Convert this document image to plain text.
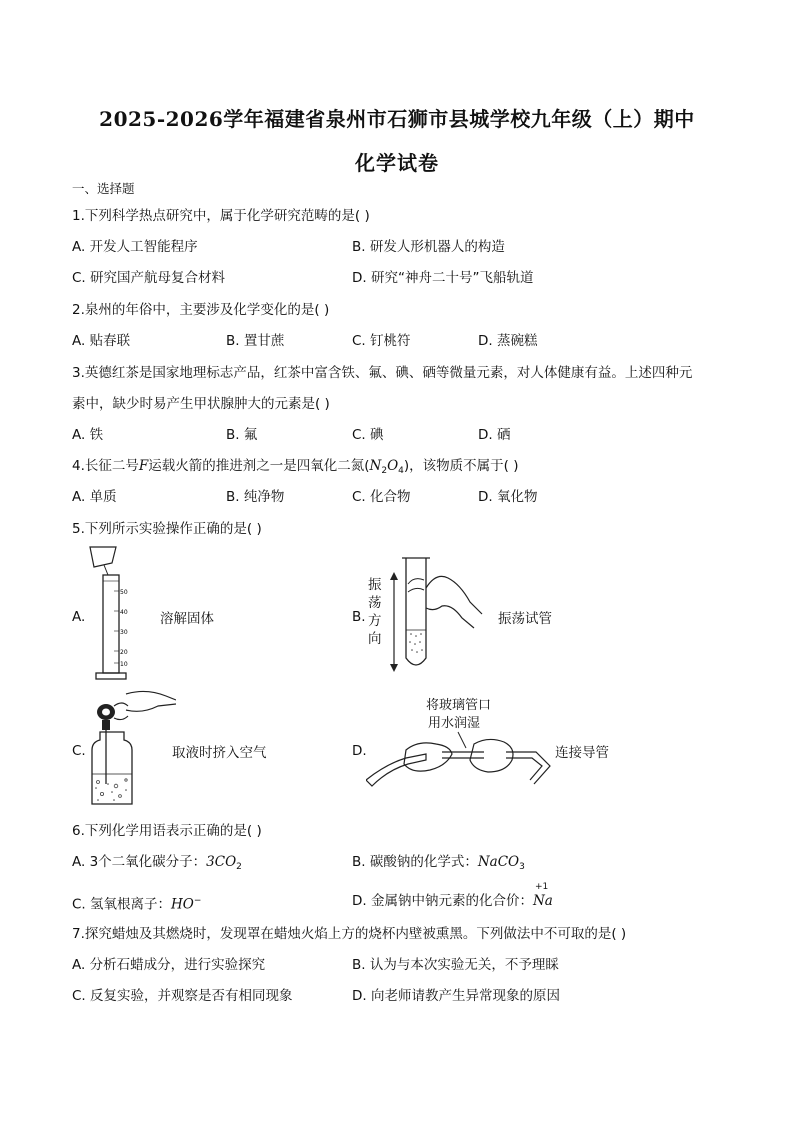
2025-2026学年福建省泉州市石狮市县城学校九年级（上）期中
化学试卷
一、选择题
1.下列科学热点研究中，属于化学研究范畴的是( )
A. 开发人工智能程序	B. 研发人形机器人的构造
C. 研究国产航母复合材料	D. 研究“神舟二十号”飞船轨道
2.泉州的年俗中，主要涉及化学变化的是( )
A. 贴春联	B. 置甘蔗	C. 钉桃符	D. 蒸碗糕
3.英德红茶是国家地理标志产品，红茶中富含铁、氟、碘、硒等微量元素，对人体健康有益。上述四种元
素中，缺少时易产生甲状腺肿大的元素是( )
A. 铁	B. 氟	C. 碘	D. 硒
4.长征二号F运载火箭的推进剂之一是四氧化二氮$(N_2O_4)$，该物质不属于( )
A. 单质	B. 纯净物	C. 化合物	D. 氧化物
5.下列所示实验操作正确的是( )
A.
50
40
30
20
10
溶解固体	B.
振
荡
方
向
振荡试管
C.	取液时挤入空气	D.
将玻璃管口
用水润湿
连接导管
6.下列化学用语表示正确的是( )
A. 3个二氧化碳分子：$3CO_2$	B. 碳酸钠的化学式：NaCO$_3$
C. 氢氧根离子：HO−	D. 金属钠中钠元素的化合价：
+1
Na
7.探究蜡烛及其燃烧时，发现罩在蜡烛火焰上方的烧杯内壁被熏黑。下列做法中不可取的是( )
A. 分析石蜡成分，进行实验探究	B. 认为与本次实验无关，不予理睬
C. 反复实验，并观察是否有相同现象	D. 向老师请教产生异常现象的原因
